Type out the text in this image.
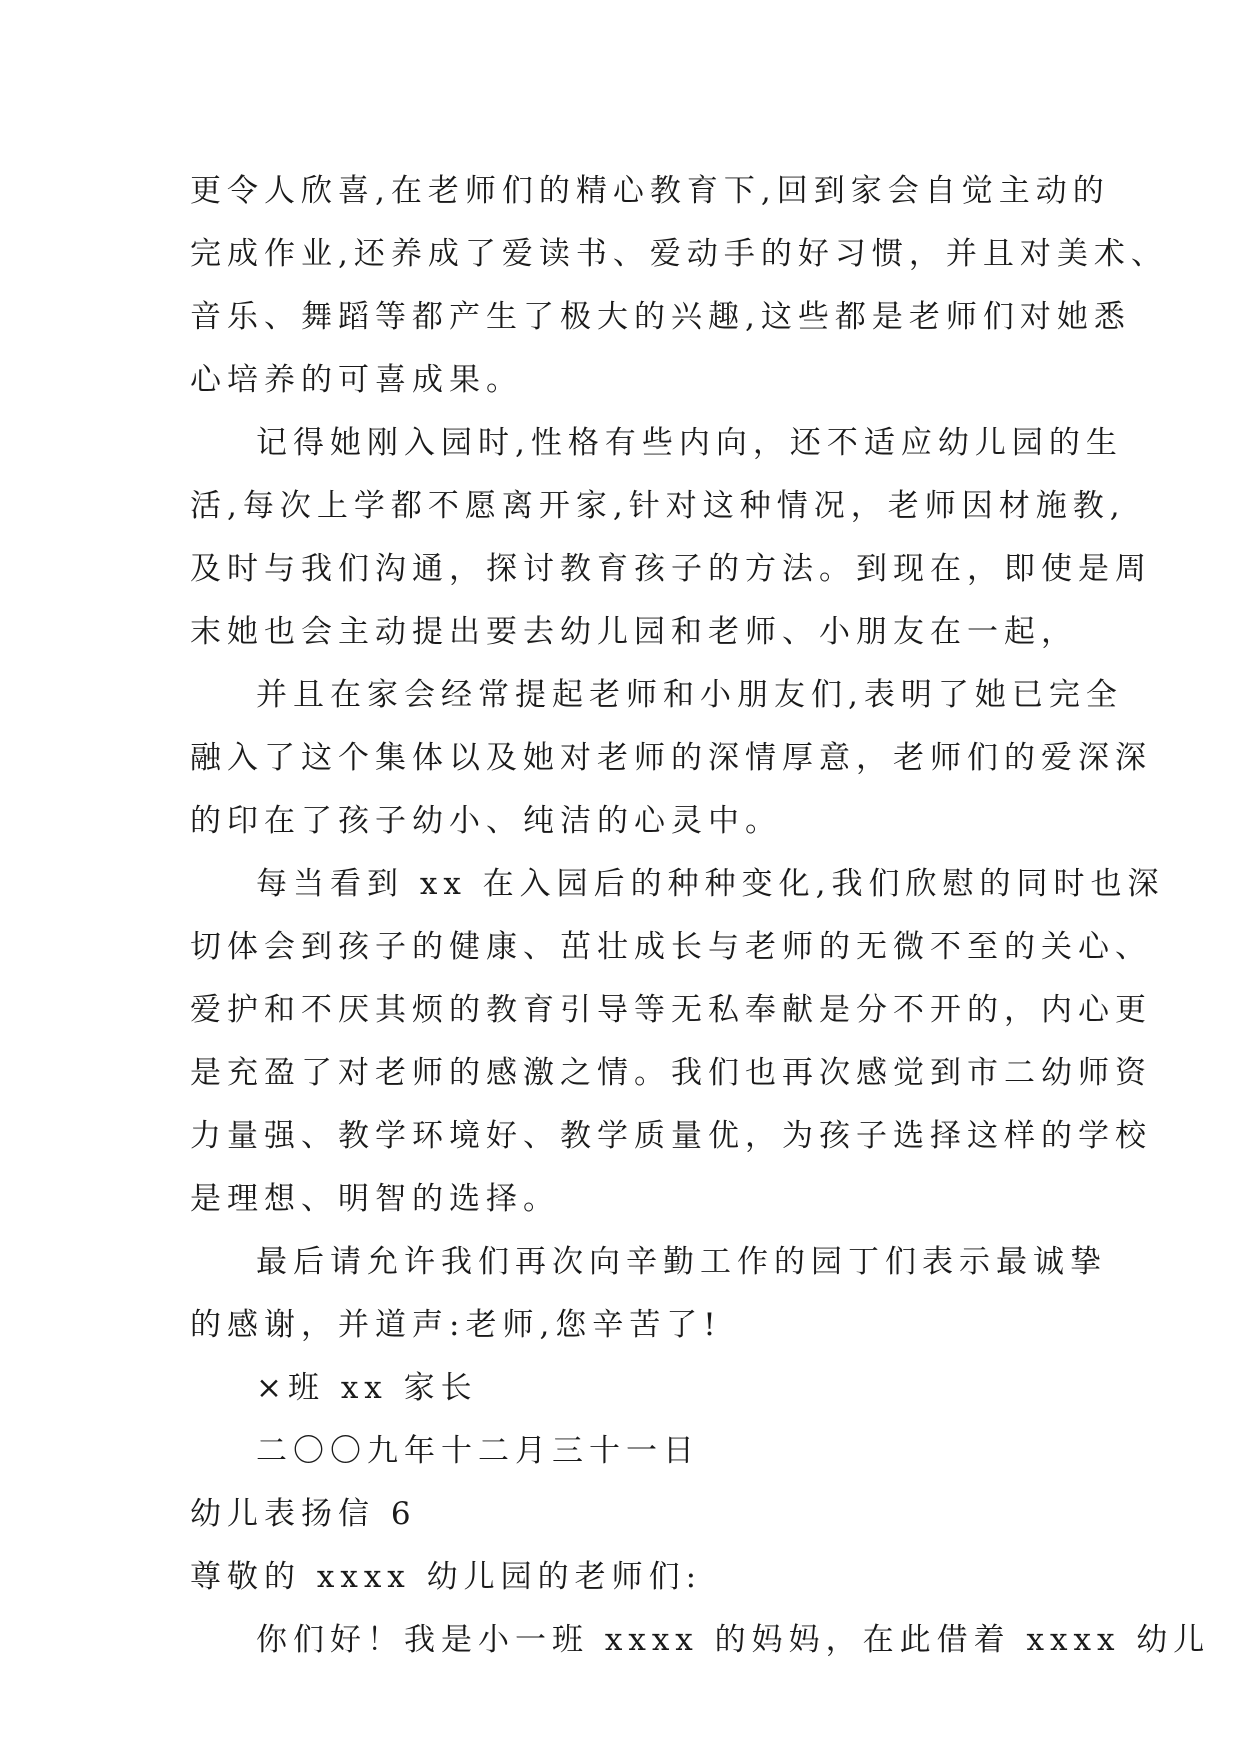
更令人欣喜,在老师们的精心教育下,回到家会自觉主动的
完成作业,还养成了爱读书、爱动手的好习惯，并且对美术、
音乐、舞蹈等都产生了极大的兴趣,这些都是老师们对她悉
心培养的可喜成果。
记得她刚入园时,性格有些内向，还不适应幼儿园的生
活,每次上学都不愿离开家,针对这种情况，老师因材施教,
及时与我们沟通，探讨教育孩子的方法。到现在，即使是周
末她也会主动提出要去幼儿园和老师、小朋友在一起，
并且在家会经常提起老师和小朋友们,表明了她已完全
融入了这个集体以及她对老师的深情厚意，老师们的爱深深
的印在了孩子幼小、纯洁的心灵中。
每当看到 xx 在入园后的种种变化,我们欣慰的同时也深
切体会到孩子的健康、茁壮成长与老师的无微不至的关心、
爱护和不厌其烦的教育引导等无私奉献是分不开的，内心更
是充盈了对老师的感激之情。我们也再次感觉到市二幼师资
力量强、教学环境好、教学质量优，为孩子选择这样的学校
是理想、明智的选择。
最后请允许我们再次向辛勤工作的园丁们表示最诚挚
的感谢，并道声:老师,您辛苦了!
×班 xx 家长
二〇〇九年十二月三十一日
幼儿表扬信 6
尊敬的 xxxx 幼儿园的老师们:
你们好！我是小一班 xxxx 的妈妈，在此借着 xxxx 幼儿
